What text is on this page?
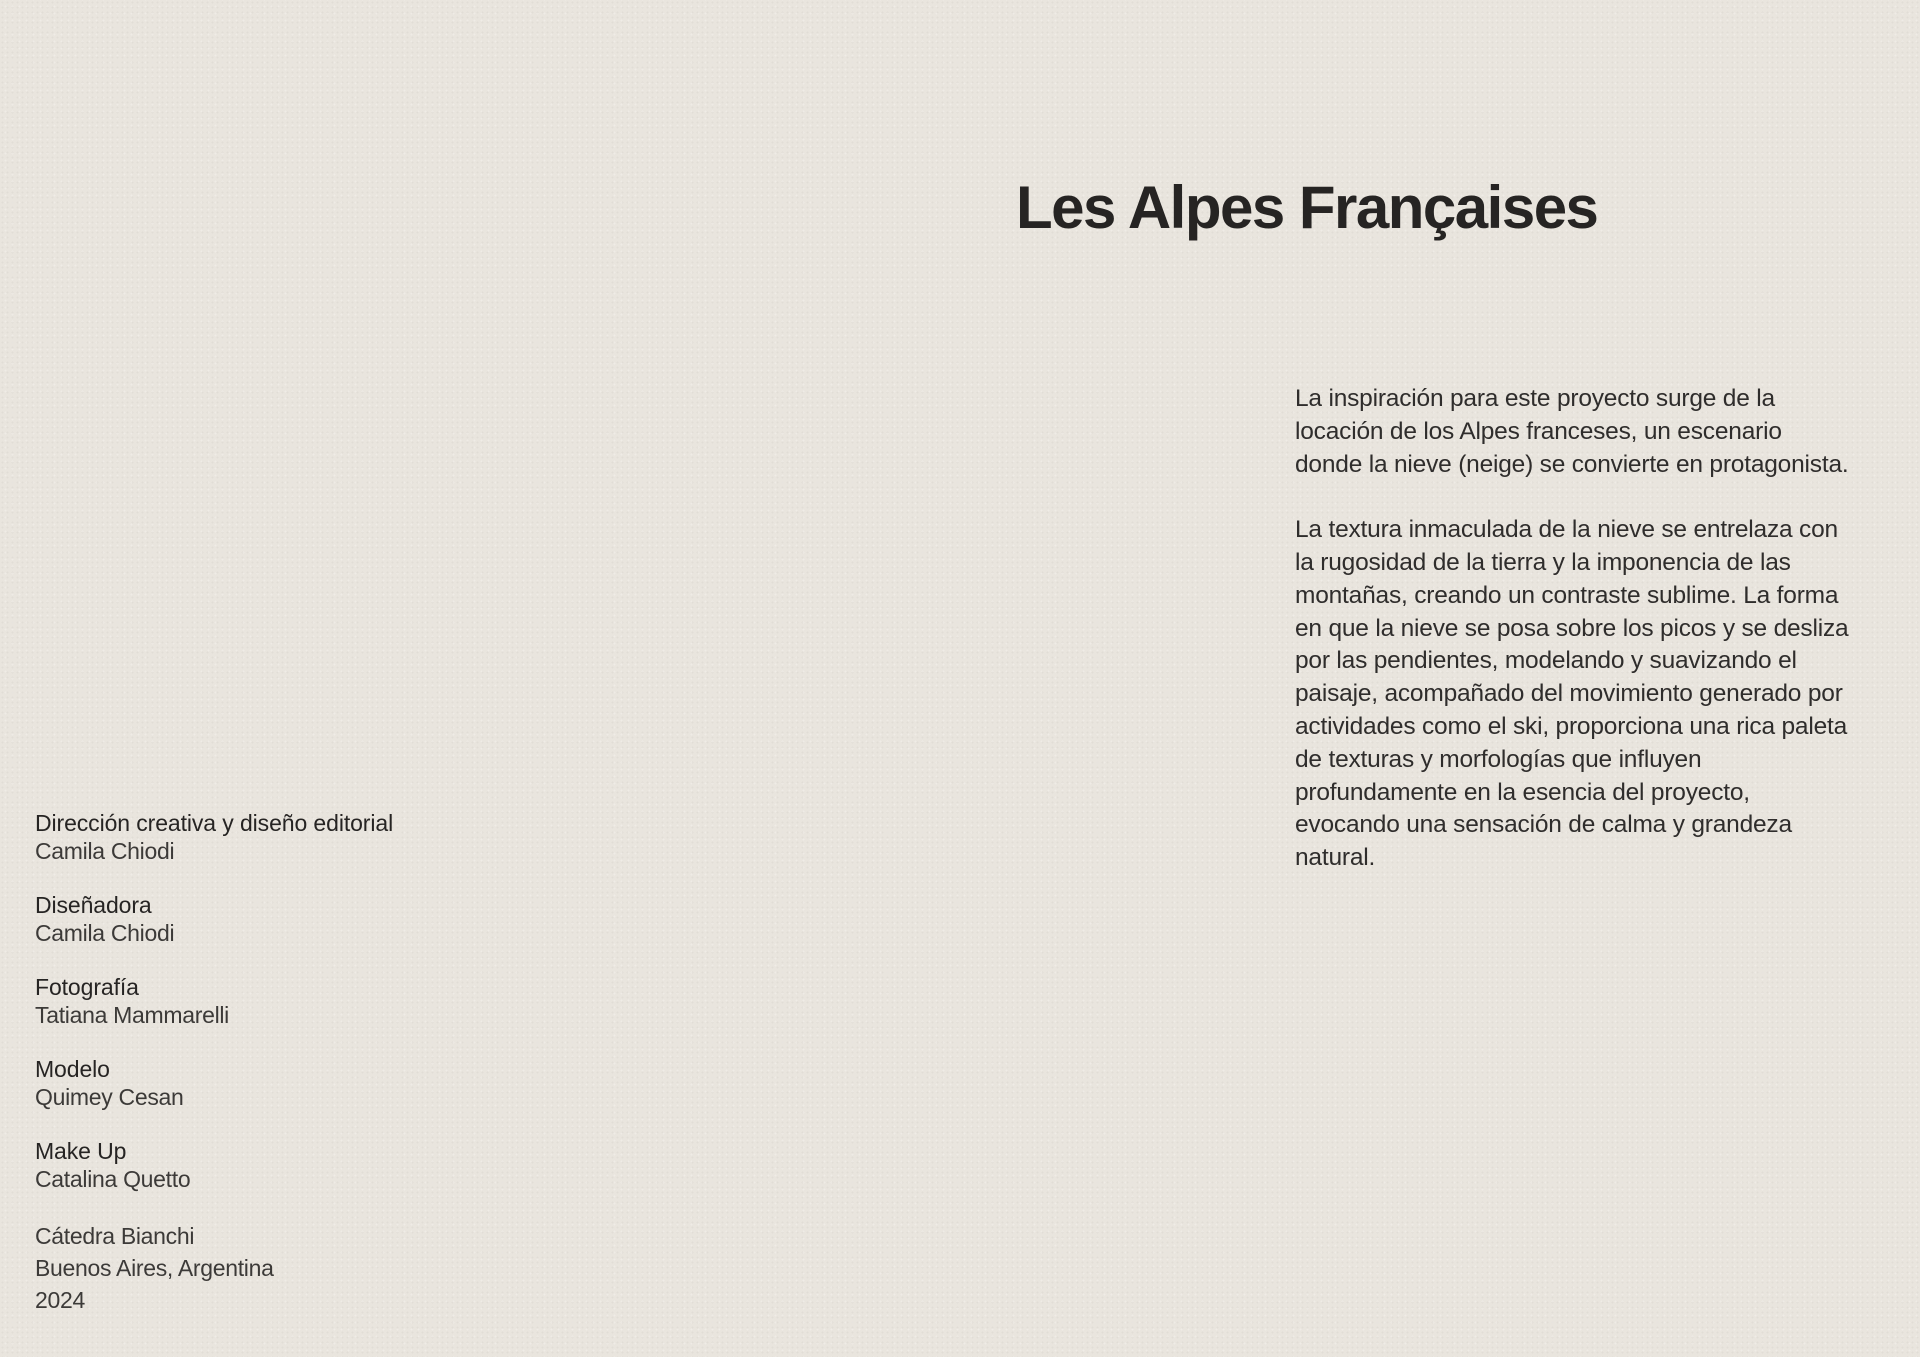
Les Alpes Françaises

La inspiración para este proyecto surge de la locación de los Alpes franceses, un escenario donde la nieve (neige) se convierte en protagonista.

La textura inmaculada de la nieve se entrelaza con la rugosidad de la tierra y la imponencia de las montañas, creando un contraste sublime. La forma en que la nieve se posa sobre los picos y se desliza por las pendientes, modelando y suavizando el paisaje, acompañado del movimiento generado por actividades como el ski, proporciona una rica paleta de texturas y morfologías que influyen profundamente en la esencia del proyecto, evocando una sensación de calma y grandeza natural.

Dirección creativa y diseño editorial
Camila Chiodi
Diseñadora
Camila Chiodi
Fotografía
Tatiana Mammarelli
Modelo
Quimey Cesan
Make Up
Catalina Quetto
Cátedra Bianchi
Buenos Aires, Argentina
2024
